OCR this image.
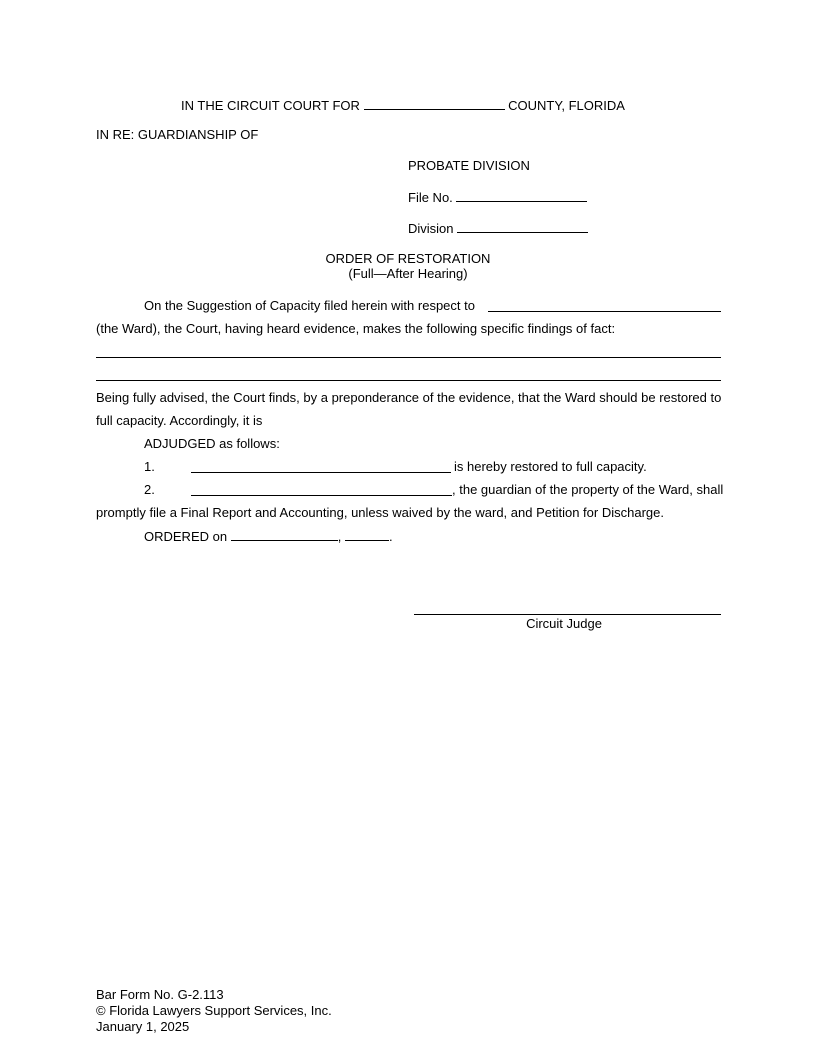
IN THE CIRCUIT COURT FOR	COUNTY, FLORIDA
IN RE: GUARDIANSHIP OF
PROBATE DIVISION
File No.
Division
ORDER OF RESTORATION
(Full—After Hearing)
On the Suggestion of Capacity filed herein with respect to
(the Ward), the Court, having heard evidence, makes the following specific findings of fact:
Being fully advised, the Court finds, by a preponderance of the evidence, that the Ward should be restored to
full capacity. Accordingly, it is
ADJUDGED as follows:
1.	is hereby restored to full capacity.
2.	, the guardian of the property of the Ward, shall
promptly file a Final Report and Accounting, unless waived by the ward, and Petition for Discharge.
ORDERED on	,	.
Circuit Judge
Bar Form No. G-2.113
© Florida Lawyers Support Services, Inc.
January 1, 2025
